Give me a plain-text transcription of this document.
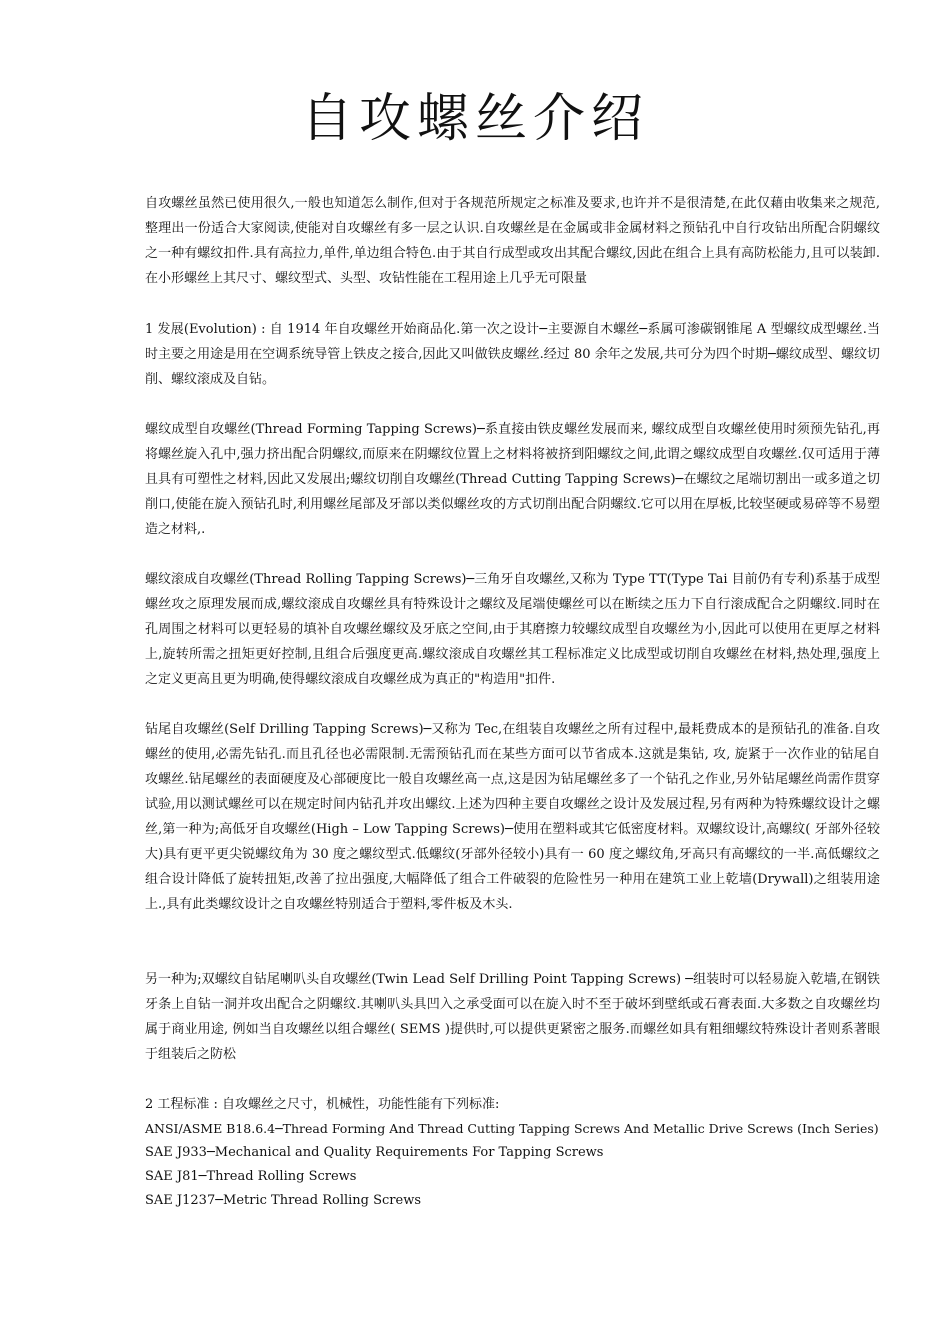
自攻螺丝介绍

自攻螺丝虽然已使用很久,一般也知道怎么制作,但对于各规范所规定之标准及要求,也许并不是很清楚,在此仅藉由收集来之规范,整理出一份适合大家阅读,使能对自攻螺丝有多一层之认识.自攻螺丝是在金属或非金属材料之预钻孔中自行攻钻出所配合阴螺纹之一种有螺纹扣件.具有高拉力,单件,单边组合特色.由于其自行成型或攻出其配合螺纹,因此在组合上具有高防松能力,且可以装卸.在小形螺丝上其尺寸、螺纹型式、头型、攻钻性能在工程用途上几乎无可限量

1 发展(Evolution) : 自 1914 年自攻螺丝开始商品化.第一次之设计─主要源自木螺丝─系属可渗碳钢锥尾 A 型螺纹成型螺丝.当时主要之用途是用在空调系统导管上铁皮之接合,因此又叫做铁皮螺丝.经过 80 余年之发展,共可分为四个时期─螺纹成型、螺纹切削、螺纹滚成及自钻。

螺纹成型自攻螺丝(Thread Forming Tapping Screws)─系直接由铁皮螺丝发展而来, 螺纹成型自攻螺丝使用时须预先钻孔,再将螺丝旋入孔中,强力挤出配合阴螺纹,而原来在阴螺纹位置上之材料将被挤到阳螺纹之间,此谓之螺纹成型自攻螺丝.仅可适用于薄且具有可塑性之材料,因此又发展出;螺纹切削自攻螺丝(Thread Cutting Tapping Screws)─在螺纹之尾端切割出一或多道之切削口,使能在旋入预钻孔时,利用螺丝尾部及牙部以类似螺丝攻的方式切削出配合阴螺纹.它可以用在厚板,比较坚硬或易碎等不易塑造之材料,.

螺纹滚成自攻螺丝(Thread Rolling Tapping Screws)─三角牙自攻螺丝,又称为 Type TT(Type Tai 目前仍有专利)系基于成型螺丝攻之原理发展而成,螺纹滚成自攻螺丝具有特殊设计之螺纹及尾端使螺丝可以在断续之压力下自行滚成配合之阴螺纹.同时在孔周围之材料可以更轻易的填补自攻螺丝螺纹及牙底之空间,由于其磨擦力较螺纹成型自攻螺丝为小,因此可以使用在更厚之材料上,旋转所需之扭矩更好控制,且组合后强度更高.螺纹滚成自攻螺丝其工程标准定义比成型或切削自攻螺丝在材料,热处理,强度上之定义更高且更为明确,使得螺纹滚成自攻螺丝成为真正的"构造用"扣件.

钻尾自攻螺丝(Self Drilling Tapping Screws)─又称为 Tec,在组装自攻螺丝之所有过程中,最耗费成本的是预钻孔的准备.自攻螺丝的使用,必需先钻孔.而且孔径也必需限制.无需预钻孔而在某些方面可以节省成本.这就是集钻, 攻, 旋紧于一次作业的钻尾自攻螺丝.钻尾螺丝的表面硬度及心部硬度比一般自攻螺丝高一点,这是因为钻尾螺丝多了一个钻孔之作业,另外钻尾螺丝尚需作贯穿试验,用以测试螺丝可以在规定时间内钻孔并攻出螺纹.上述为四种主要自攻螺丝之设计及发展过程,另有两种为特殊螺纹设计之螺丝,第一种为;高低牙自攻螺丝(High – Low Tapping Screws)─使用在塑料或其它低密度材料。双螺纹设计,高螺纹( 牙部外径较大)具有更平更尖锐螺纹角为 30 度之螺纹型式.低螺纹(牙部外径较小)具有一 60 度之螺纹角,牙高只有高螺纹的一半.高低螺纹之组合设计降低了旋转扭矩,改善了拉出强度,大幅降低了组合工件破裂的危险性另一种用在建筑工业上乾墙(Drywall)之组装用途上.,具有此类螺纹设计之自攻螺丝特别适合于塑料,零件板及木头.

另一种为;双螺纹自钻尾喇叭头自攻螺丝(Twin Lead Self Drilling Point Tapping Screws) ─组装时可以轻易旋入乾墙,在钢铁牙条上自钻一洞并攻出配合之阴螺纹.其喇叭头具凹入之承受面可以在旋入时不至于破坏到壁纸或石膏表面.大多数之自攻螺丝均属于商业用途, 例如当自攻螺丝以组合螺丝( SEMS )提供时,可以提供更紧密之服务.而螺丝如具有粗细螺纹特殊设计者则系著眼于组装后之防松

2 工程标准 : 自攻螺丝之尺寸，机械性，功能性能有下列标准:

ANSI/ASME B18.6.4─Thread Forming And Thread Cutting Tapping Screws And Metallic Drive Screws (Inch Series)

SAE J933─Mechanical and Quality Requirements For Tapping Screws

SAE J81─Thread Rolling Screws

SAE J1237─Metric Thread Rolling Screws
